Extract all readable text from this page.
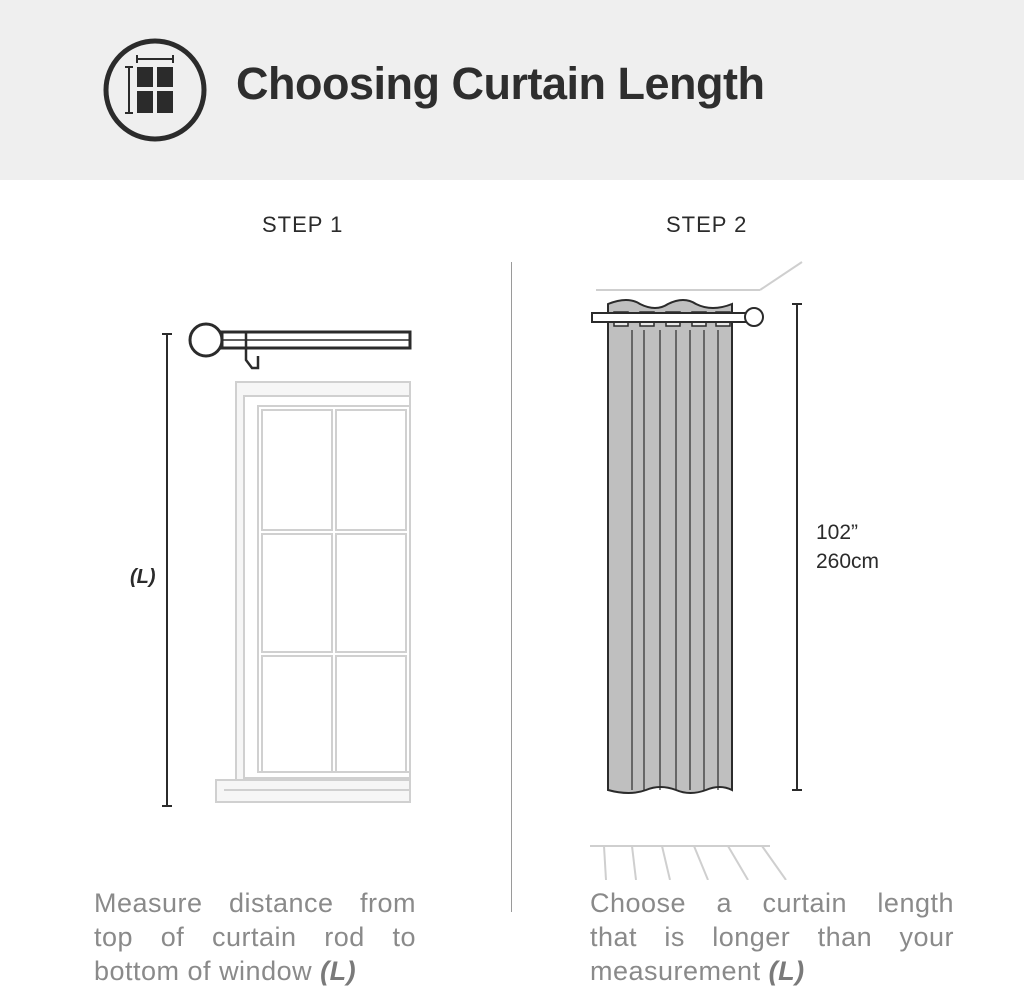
Choosing Curtain Length
STEP 1	STEP 2
(L)
102”
260cm
Measure distance from
top of curtain rod to
bottom of window (L)
Choose a curtain length
that is longer than your
measurement (L)
